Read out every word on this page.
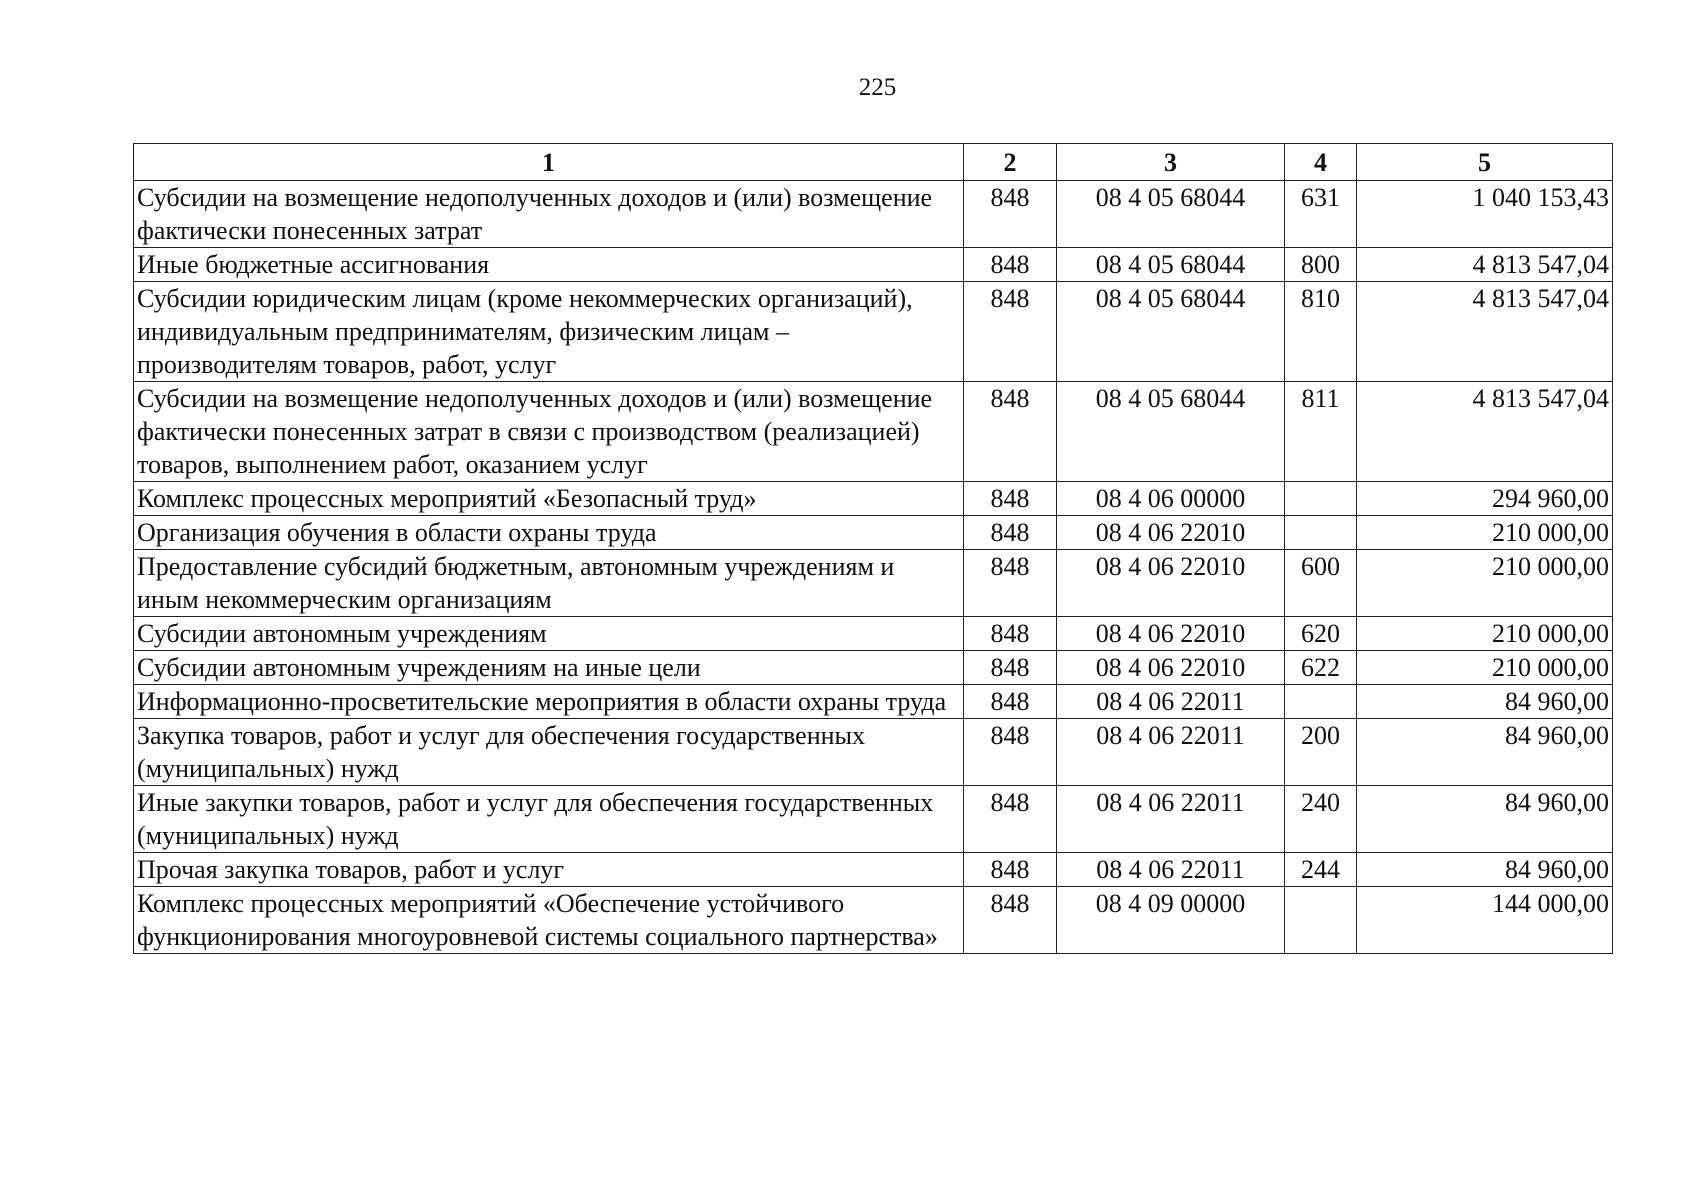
225
1	2	3	4	5
Субсидии на возмещение недополученных доходов и (или) возмещение фактически понесенных затрат	848	08 4 05 68044	631	1 040 153,43
Иные бюджетные ассигнования	848	08 4 05 68044	800	4 813 547,04
Субсидии юридическим лицам (кроме некоммерческих организаций), индивидуальным предпринимателям, физическим лицам – производителям товаров, работ, услуг	848	08 4 05 68044	810	4 813 547,04
Субсидии на возмещение недополученных доходов и (или) возмещение фактически понесенных затрат в связи с производством (реализацией) товаров, выполнением работ, оказанием услуг	848	08 4 05 68044	811	4 813 547,04
Комплекс процессных мероприятий «Безопасный труд»	848	08 4 06 00000		294 960,00
Организация обучения в области охраны труда	848	08 4 06 22010		210 000,00
Предоставление субсидий бюджетным, автономным учреждениям и иным некоммерческим организациям	848	08 4 06 22010	600	210 000,00
Субсидии автономным учреждениям	848	08 4 06 22010	620	210 000,00
Субсидии автономным учреждениям на иные цели	848	08 4 06 22010	622	210 000,00
Информационно-просветительские мероприятия в области охраны труда	848	08 4 06 22011		84 960,00
Закупка товаров, работ и услуг для обеспечения государственных (муниципальных) нужд	848	08 4 06 22011	200	84 960,00
Иные закупки товаров, работ и услуг для обеспечения государственных (муниципальных) нужд	848	08 4 06 22011	240	84 960,00
Прочая закупка товаров, работ и услуг	848	08 4 06 22011	244	84 960,00
Комплекс процессных мероприятий «Обеспечение устойчивого функционирования многоуровневой системы социального партнерства»	848	08 4 09 00000		144 000,00
